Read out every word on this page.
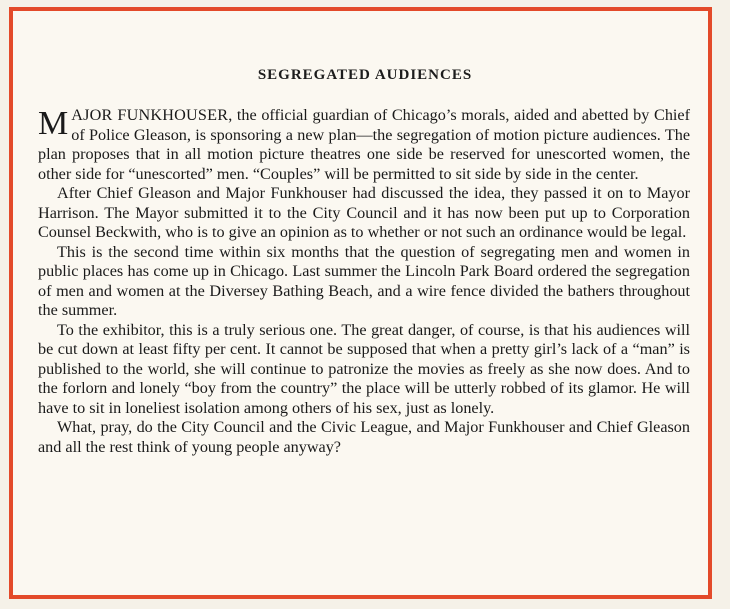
SEGREGATED AUDIENCES

MAJOR FUNKHOUSER, the official guardian of Chicago’s morals, aided and abetted by Chief of Police Gleason, is sponsoring a new plan—the segregation of motion picture audiences. The plan proposes that in all motion picture theatres one side be reserved for unescorted women, the other side for “unescorted” men. “Couples” will be permitted to sit side by side in the center.

After Chief Gleason and Major Funkhouser had discussed the idea, they passed it on to Mayor Harrison. The Mayor submitted it to the City Council and it has now been put up to Corporation Counsel Beckwith, who is to give an opinion as to whether or not such an ordinance would be legal.

This is the second time within six months that the question of segregating men and women in public places has come up in Chicago. Last summer the Lincoln Park Board ordered the segregation of men and women at the Diversey Bathing Beach, and a wire fence divided the bathers throughout the summer.

To the exhibitor, this is a truly serious one. The great danger, of course, is that his audiences will be cut down at least fifty per cent. It cannot be supposed that when a pretty girl’s lack of a “man” is published to the world, she will continue to patronize the movies as freely as she now does. And to the forlorn and lonely “boy from the country” the place will be utterly robbed of its glamor. He will have to sit in loneliest isolation among others of his sex, just as lonely.

What, pray, do the City Council and the Civic League, and Major Funkhouser and Chief Gleason and all the rest think of young people anyway?
